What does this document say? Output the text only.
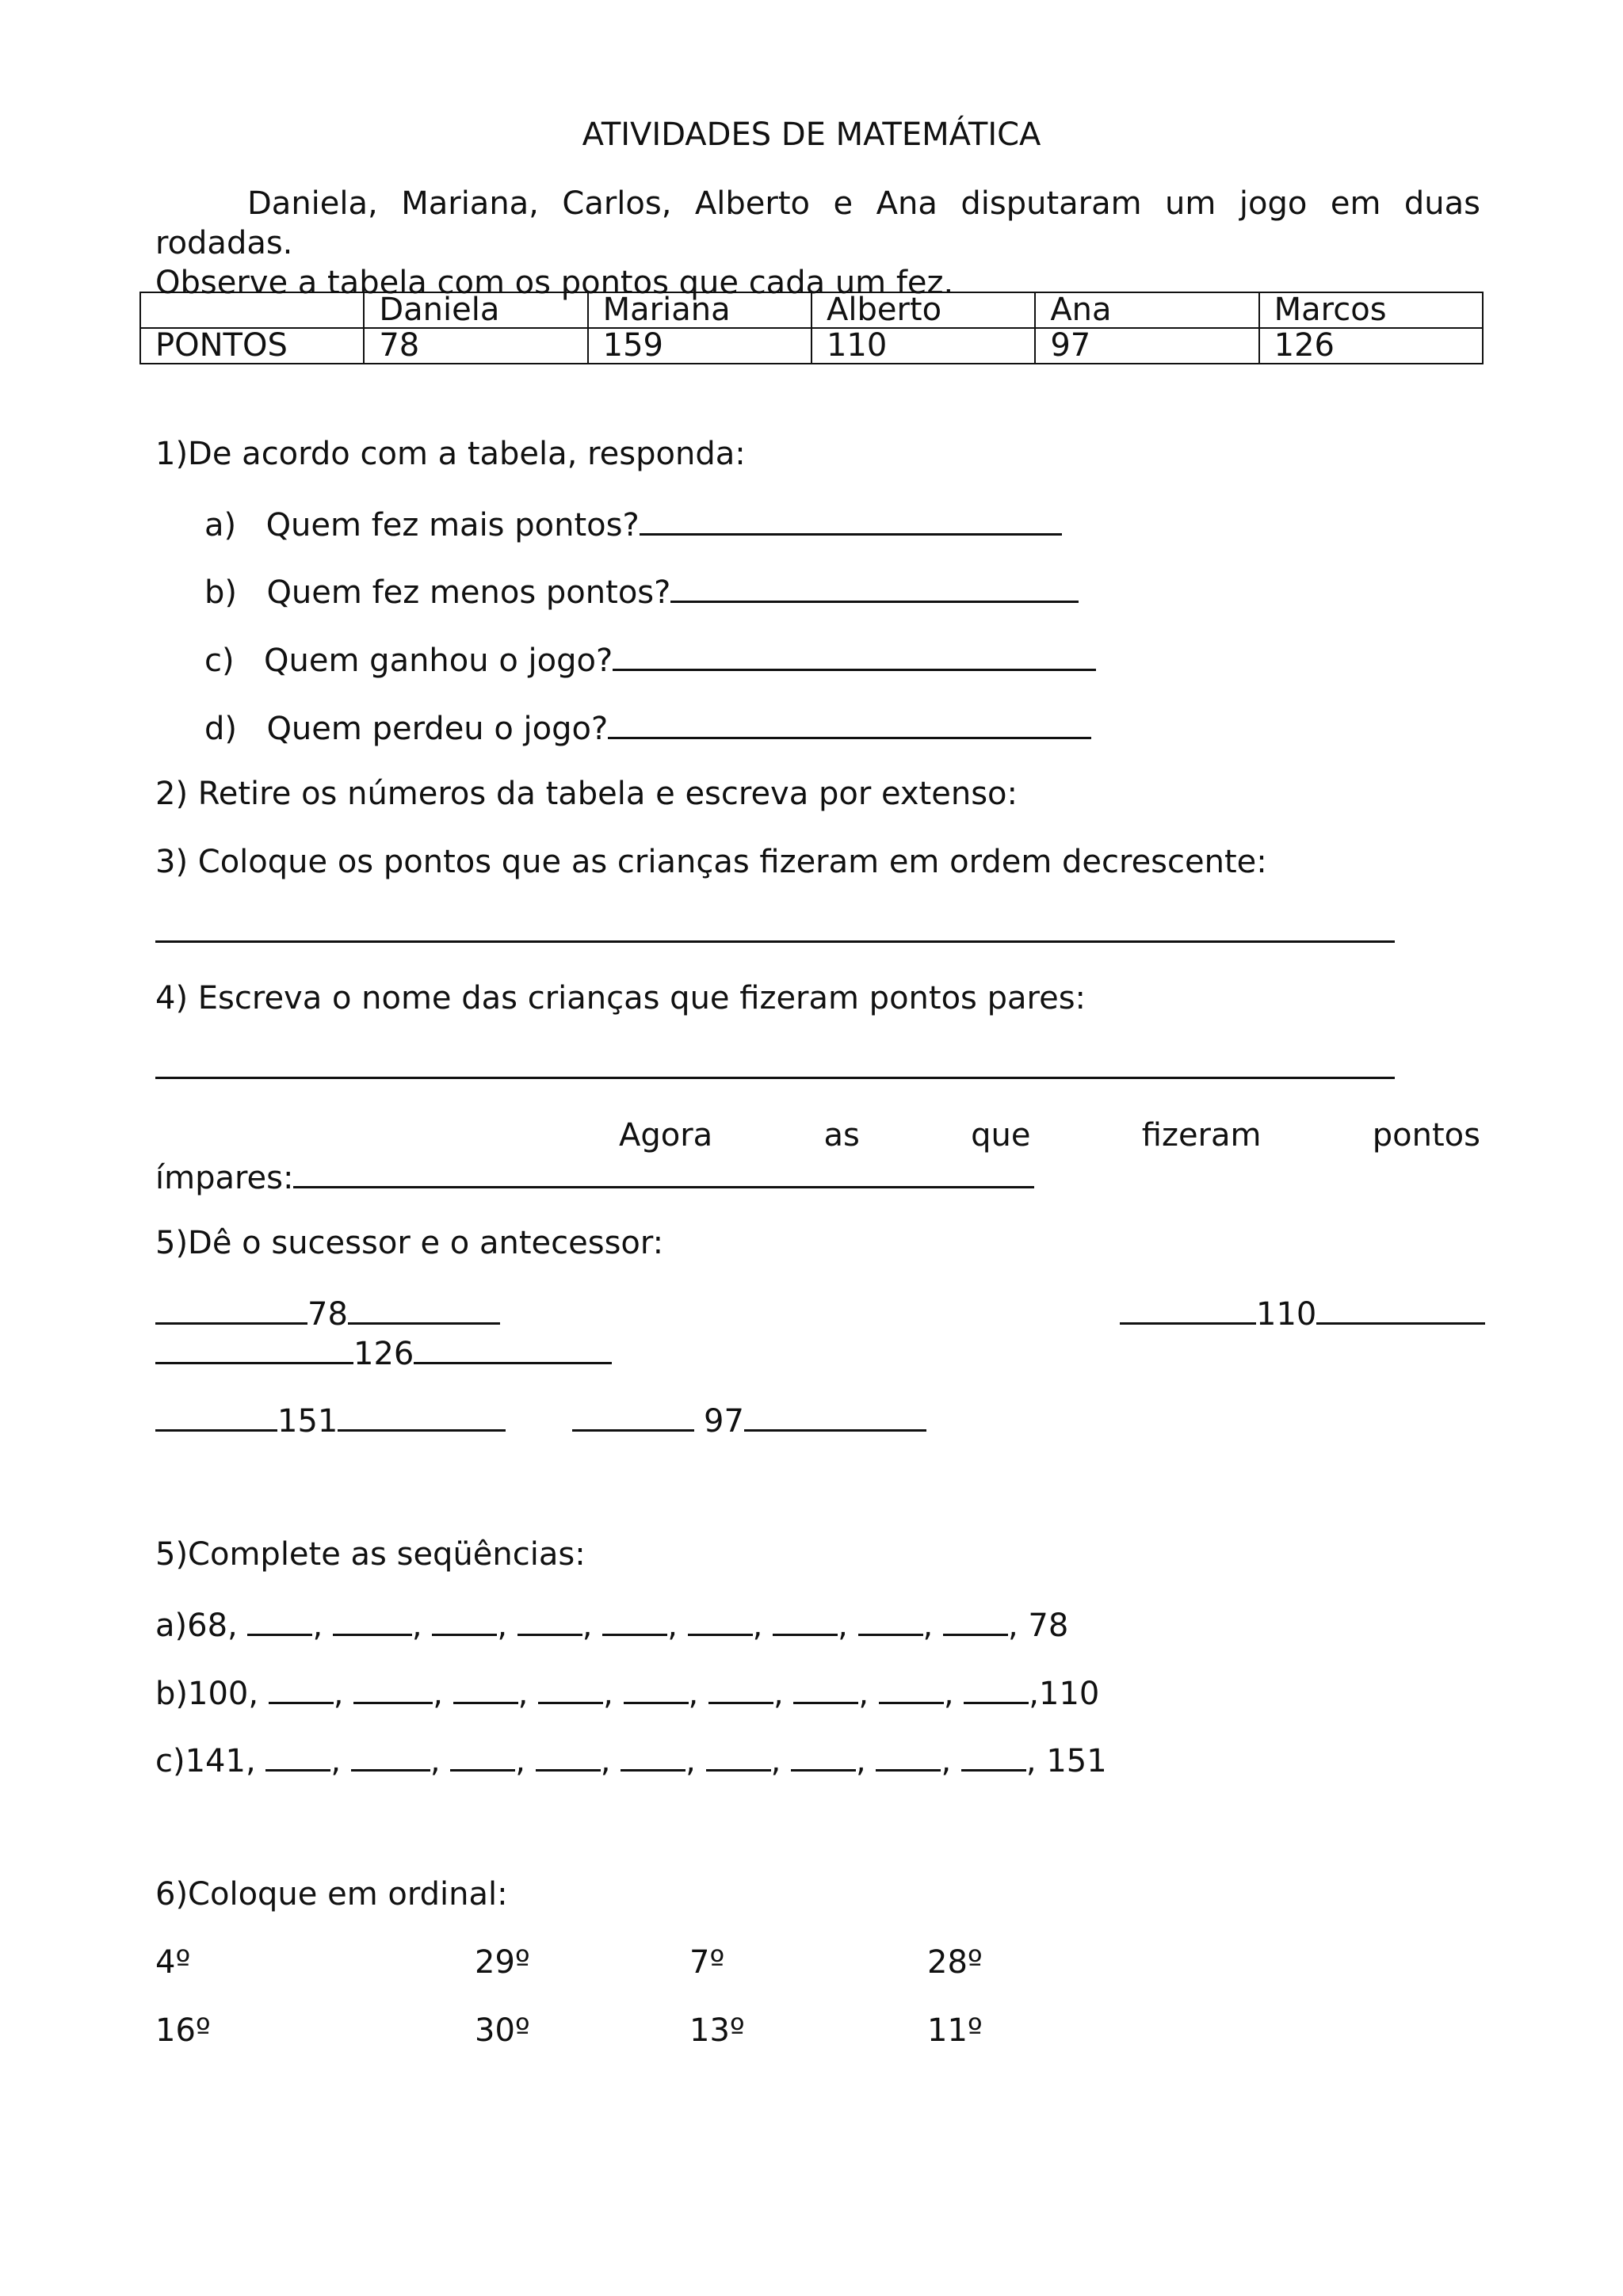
ATIVIDADES DE MATEMÁTICA

Daniela, Mariana, Carlos, Alberto e Ana disputaram um jogo em duas rodadas.

Observe a tabela com os pontos que cada um fez.

	Daniela	Mariana	Alberto	Ana	Marcos
PONTOS	78	159	110	97	126
1)De acordo com a tabela, responda:
a) Quem fez mais pontos?
b) Quem fez menos pontos?
c) Quem ganhou o jogo?
d) Quem perdeu o jogo?
2) Retire os números da tabela e escreva por extenso:
3) Coloque os pontos que as crianças fizeram em ordem decrescente:
4) Escreva o nome das crianças que fizeram pontos pares:
Agora	as	que	fizeram	pontos
ímpares:
5)Dê o sucessor e o antecessor:
78	110
126
151	97
5)Complete as seqüências:
a)68, ,	, , , , , , , , 78
b)100, ,	, , , , , , , ,110
c)141, ,	, , , , , , , , 151
6)Coloque em ordinal:
4º	29º	7º	28º
16º	30º	13º	11º
